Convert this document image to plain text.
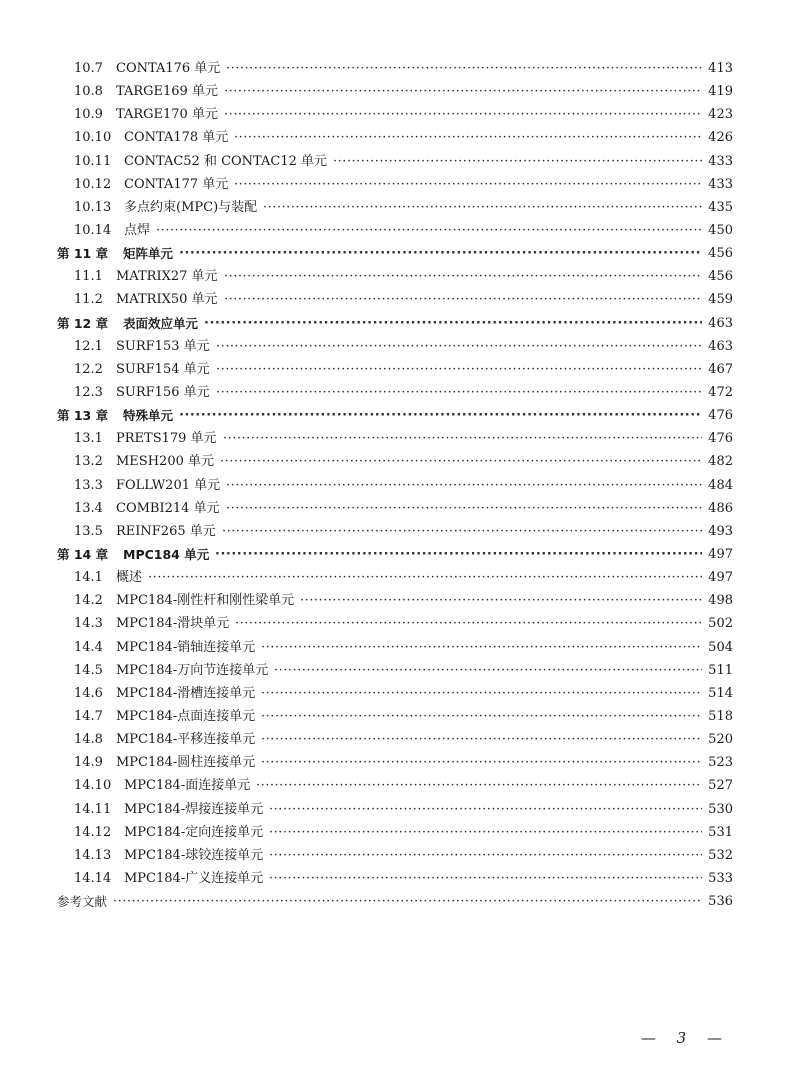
·····
10.7 CONTA176 单元	413
·····
10.8 TARGE169 单元	419
·····
10.9 TARGE170 单元	423
·····
10.10 CONTA178 单元	426
·····
10.11 CONTAC52 和 CONTAC12 单元	433
·····
10.12 CONTA177 单元	433
·····
10.13 多点约束(MPC)与装配	435
·····
10.14 点焊	450
·····
第 11 章 矩阵单元	456
·····
11.1 MATRIX27 单元	456
·····
11.2 MATRIX50 单元	459
·····
第 12 章 表面效应单元	463
·····
12.1 SURF153 单元	463
·····
12.2 SURF154 单元	467
·····
12.3 SURF156 单元	472
·····
第 13 章 特殊单元	476
·····
13.1 PRETS179 单元	476
·····
13.2 MESH200 单元	482
·····
13.3 FOLLW201 单元	484
·····
13.4 COMBI214 单元	486
·····
13.5 REINF265 单元	493
·····
第 14 章 MPC184 单元	497
·····
14.1 概述	497
·····
14.2 MPC184-刚性杆和刚性梁单元	498
·····
14.3 MPC184-滑块单元	502
·····
14.4 MPC184-销轴连接单元	504
·····
14.5 MPC184-万向节连接单元	511
·····
14.6 MPC184-滑槽连接单元	514
·····
14.7 MPC184-点面连接单元	518
·····
14.8 MPC184-平移连接单元	520
·····
14.9 MPC184-圆柱连接单元	523
·····
14.10 MPC184-面连接单元	527
·····
14.11 MPC184-焊接连接单元	530
·····
14.12 MPC184-定向连接单元	531
·····
14.13 MPC184-球铰连接单元	532
·····
14.14 MPC184-广义连接单元	533
·····
参考文献	536
— 3 —
